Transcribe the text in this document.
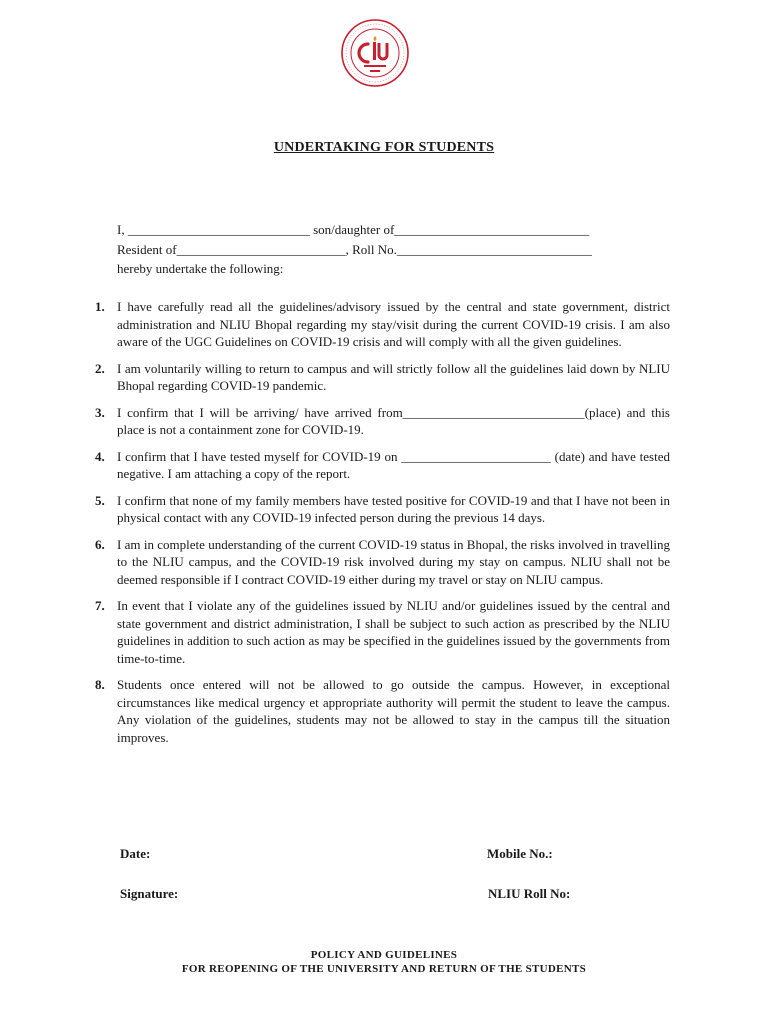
UNDERTAKING FOR STUDENTS
I, ____________________________ son/daughter of______________________________
Resident of__________________________, Roll No.______________________________
hereby undertake the following:
1. I have carefully read all the guidelines/advisory issued by the central and state government, district administration and NLIU Bhopal regarding my stay/visit during the current COVID-19 crisis. I am also aware of the UGC Guidelines on COVID-19 crisis and will comply with all the given guidelines.
2. I am voluntarily willing to return to campus and will strictly follow all the guidelines laid down by NLIU Bhopal regarding COVID-19 pandemic.
3. I confirm that I will be arriving/ have arrived from____________________________(place) and this place is not a containment zone for COVID-19.
4. I confirm that I have tested myself for COVID-19 on _______________________ (date) and have tested negative. I am attaching a copy of the report.
5. I confirm that none of my family members have tested positive for COVID-19 and that I have not been in physical contact with any COVID-19 infected person during the previous 14 days.
6. I am in complete understanding of the current COVID-19 status in Bhopal, the risks involved in travelling to the NLIU campus, and the COVID-19 risk involved during my stay on campus. NLIU shall not be deemed responsible if I contract COVID-19 either during my travel or stay on NLIU campus.
7. In event that I violate any of the guidelines issued by NLIU and/or guidelines issued by the central and state government and district administration, I shall be subject to such action as prescribed by the NLIU guidelines in addition to such action as may be specified in the guidelines issued by the governments from time-to-time.
8. Students once entered will not be allowed to go outside the campus. However, in exceptional circumstances like medical urgency et appropriate authority will permit the student to leave the campus. Any violation of the guidelines, students may not be allowed to stay in the campus till the situation improves.
Date:	Mobile No.:
Signature:	NLIU Roll No:
POLICY AND GUIDELINES
FOR REOPENING OF THE UNIVERSITY AND RETURN OF THE STUDENTS
